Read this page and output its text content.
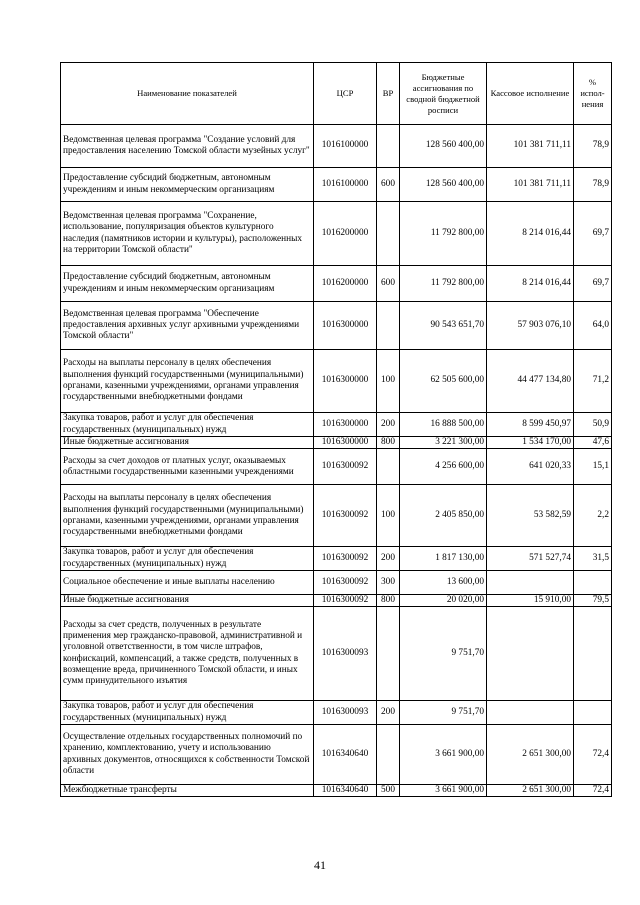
Наименование показателей	ЦСР	ВР	Бюджетные ассигнования по сводной бюджетной росписи	Кассовое исполнение	% испол-нения
Ведомственная целевая программа "Создание условий для предоставления населению Томской области музейных услуг"	1016100000		128 560 400,00	101 381 711,11	78,9
Предоставление субсидий бюджетным, автономным учреждениям и иным некоммерческим организациям	1016100000	600	128 560 400,00	101 381 711,11	78,9
Ведомственная целевая программа "Сохранение, использование, популяризация объектов культурного наследия (памятников истории и культуры), расположенных на территории Томской области"	1016200000		11 792 800,00	8 214 016,44	69,7
Предоставление субсидий бюджетным, автономным учреждениям и иным некоммерческим организациям	1016200000	600	11 792 800,00	8 214 016,44	69,7
Ведомственная целевая программа "Обеспечение предоставления архивных услуг архивными учреждениями Томской области"	1016300000		90 543 651,70	57 903 076,10	64,0
Расходы на выплаты персоналу в целях обеспечения выполнения функций государственными (муниципальными) органами, казенными учреждениями, органами управления государственными внебюджетными фондами	1016300000	100	62 505 600,00	44 477 134,80	71,2
Закупка товаров, работ и услуг для обеспечения государственных (муниципальных) нужд	1016300000	200	16 888 500,00	8 599 450,97	50,9
Иные бюджетные ассигнования	1016300000	800	3 221 300,00	1 534 170,00	47,6
Расходы за счет доходов от платных услуг, оказываемых областными государственными казенными учреждениями	1016300092		4 256 600,00	641 020,33	15,1
Расходы на выплаты персоналу в целях обеспечения выполнения функций государственными (муниципальными) органами, казенными учреждениями, органами управления государственными внебюджетными фондами	1016300092	100	2 405 850,00	53 582,59	2,2
Закупка товаров, работ и услуг для обеспечения государственных (муниципальных) нужд	1016300092	200	1 817 130,00	571 527,74	31,5
Социальное обеспечение и иные выплаты населению	1016300092	300	13 600,00		
Иные бюджетные ассигнования	1016300092	800	20 020,00	15 910,00	79,5
Расходы за счет средств, полученных в результате применения мер гражданско-правовой, административной и уголовной ответственности, в том числе штрафов, конфискаций, компенсаций, а также средств, полученных в возмещение вреда, причиненного Томской области, и иных сумм принудительного изъятия	1016300093		9 751,70		
Закупка товаров, работ и услуг для обеспечения государственных (муниципальных) нужд	1016300093	200	9 751,70		
Осуществление отдельных государственных полномочий по хранению, комплектованию, учету и использованию архивных документов, относящихся к собственности Томской области	1016340640		3 661 900,00	2 651 300,00	72,4
Межбюджетные трансферты	1016340640	500	3 661 900,00	2 651 300,00	72,4
41
